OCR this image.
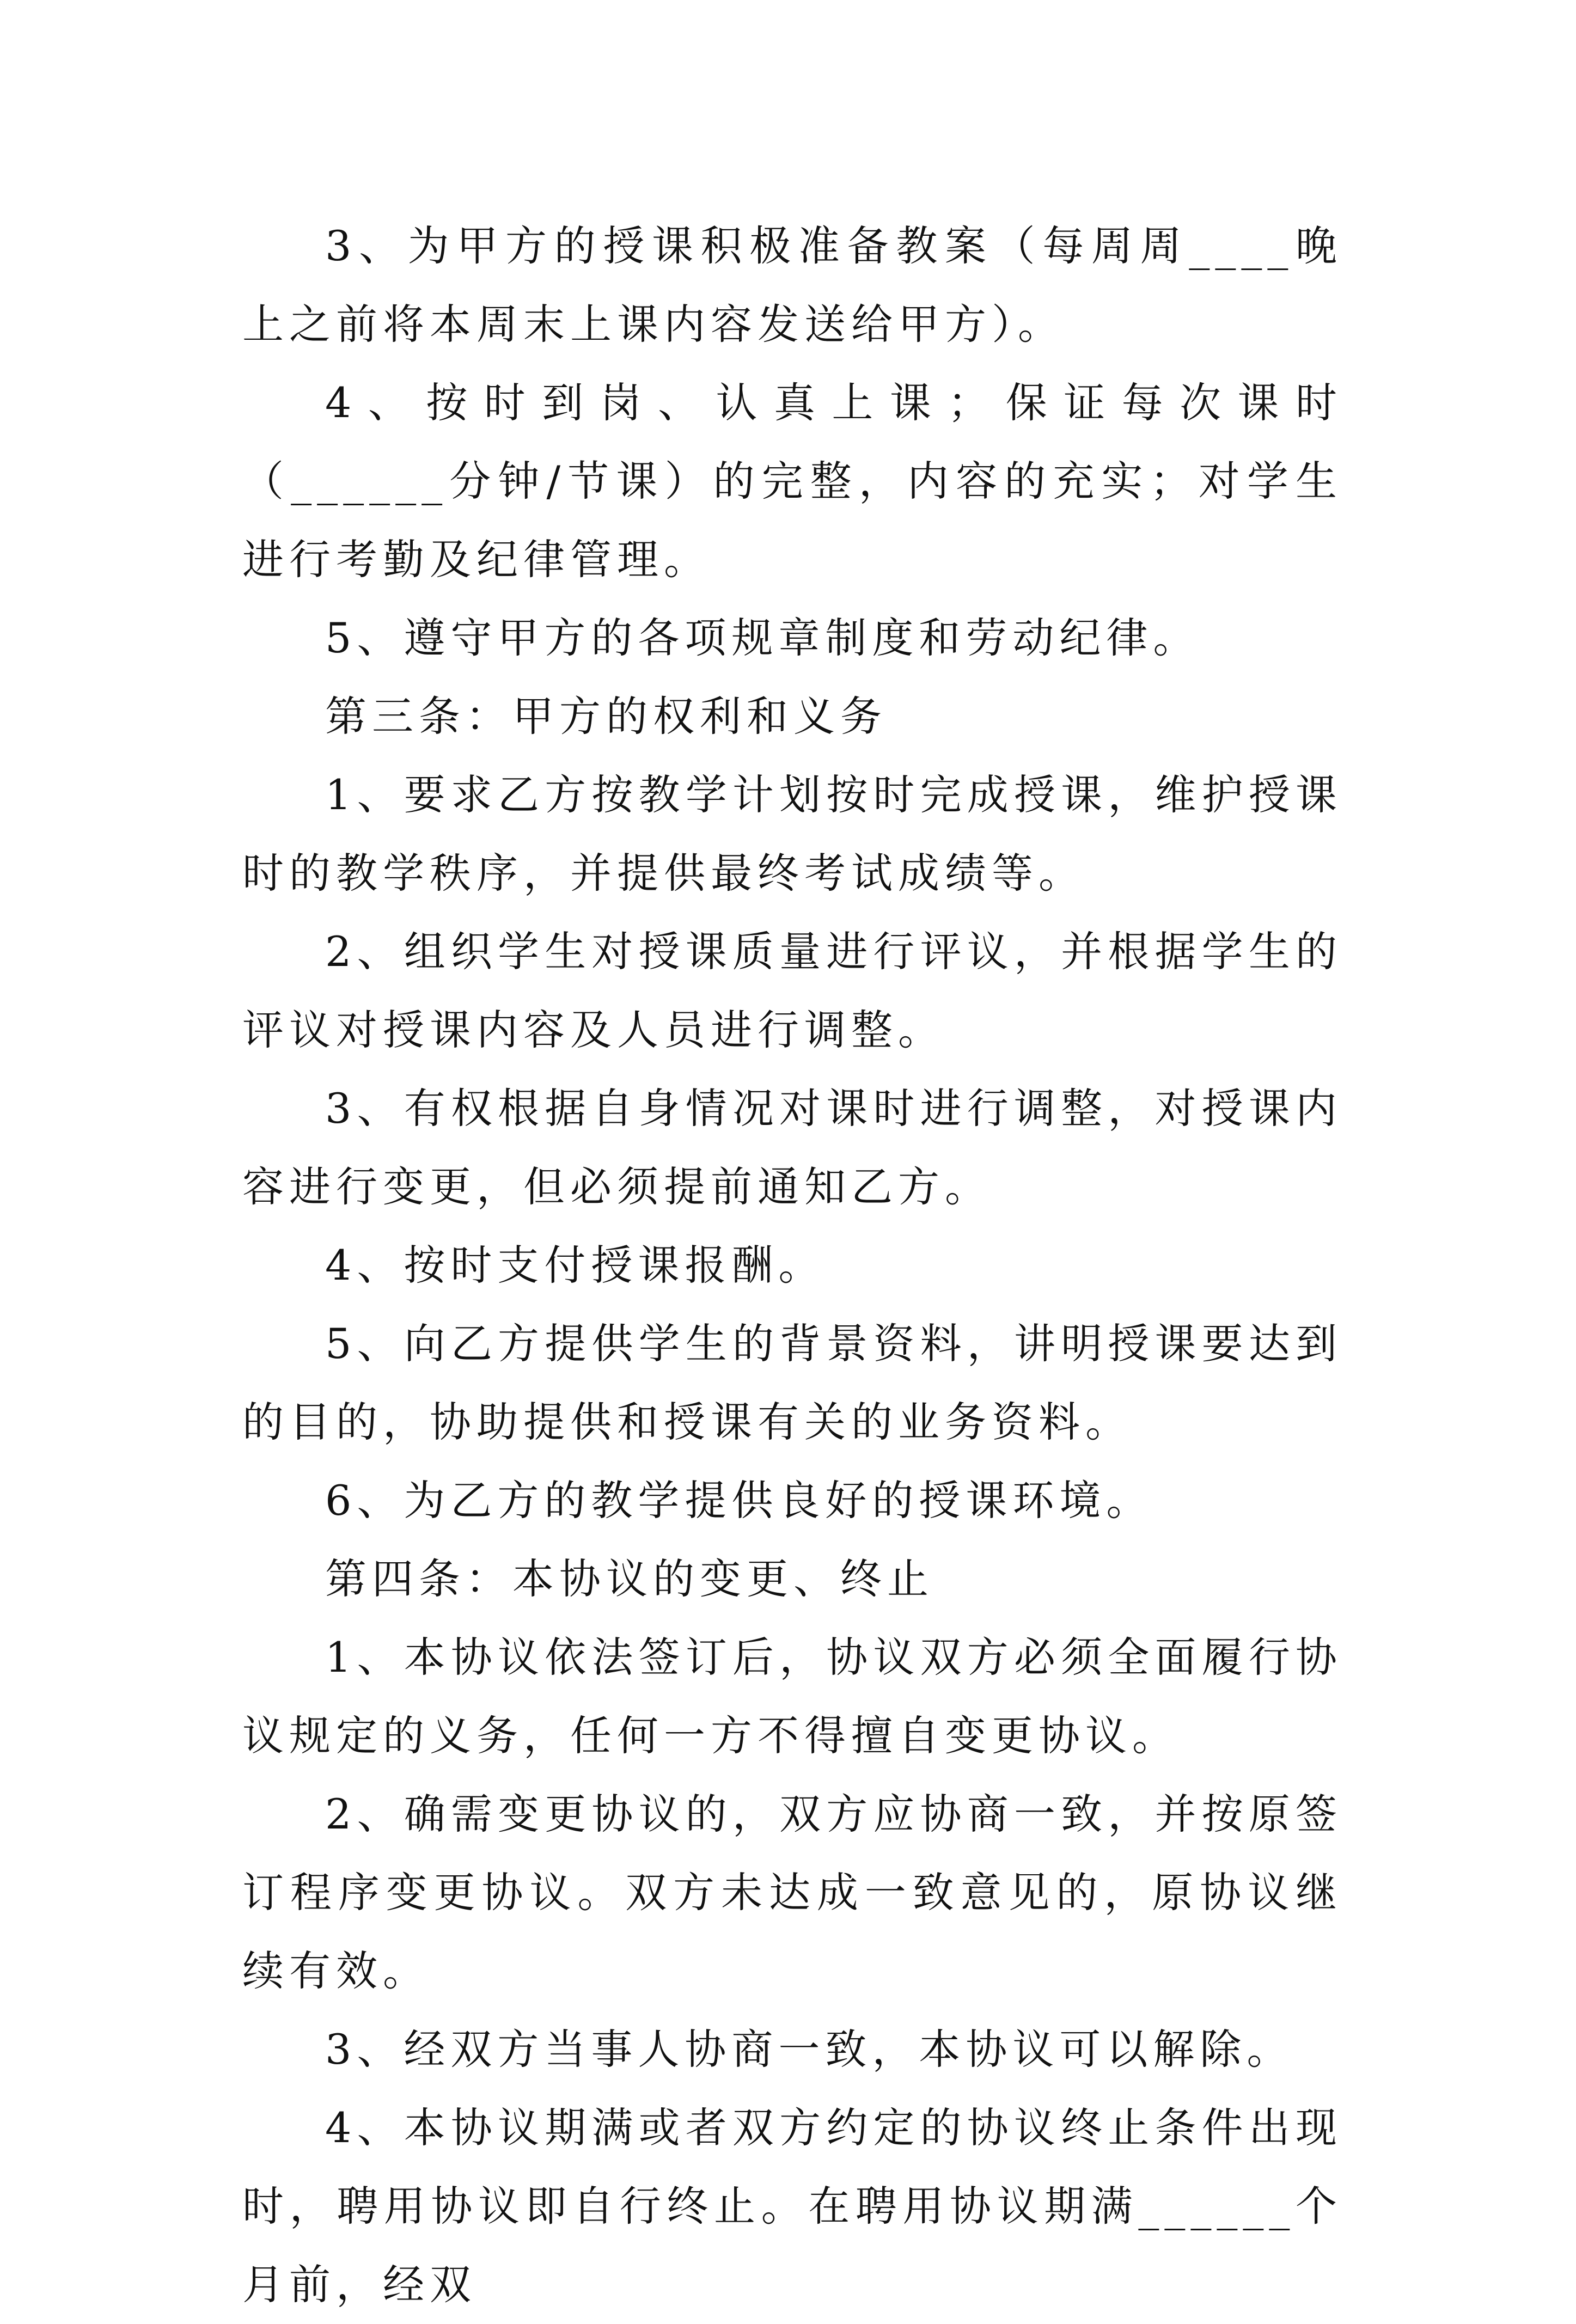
3、为甲方的授课积极准备教案（每周周____晚上之前将本周末上课内容发送给甲方）。

4、按时到岗、认真上课；保证每次课时（______分钟/节课）的完整，内容的充实；对学生进行考勤及纪律管理。

5、遵守甲方的各项规章制度和劳动纪律。

第三条：甲方的权利和义务

1、要求乙方按教学计划按时完成授课，维护授课时的教学秩序，并提供最终考试成绩等。

2、组织学生对授课质量进行评议，并根据学生的评议对授课内容及人员进行调整。

3、有权根据自身情况对课时进行调整，对授课内容进行变更，但必须提前通知乙方。

4、按时支付授课报酬。

5、向乙方提供学生的背景资料，讲明授课要达到的目的，协助提供和授课有关的业务资料。

6、为乙方的教学提供良好的授课环境。

第四条：本协议的变更、终止

1、本协议依法签订后，协议双方必须全面履行协议规定的义务，任何一方不得擅自变更协议。

2、确需变更协议的，双方应协商一致，并按原签订程序变更协议。双方未达成一致意见的，原协议继续有效。

3、经双方当事人协商一致，本协议可以解除。

4、本协议期满或者双方约定的协议终止条件出现时，聘用协议即自行终止。在聘用协议期满______个月前，经双
